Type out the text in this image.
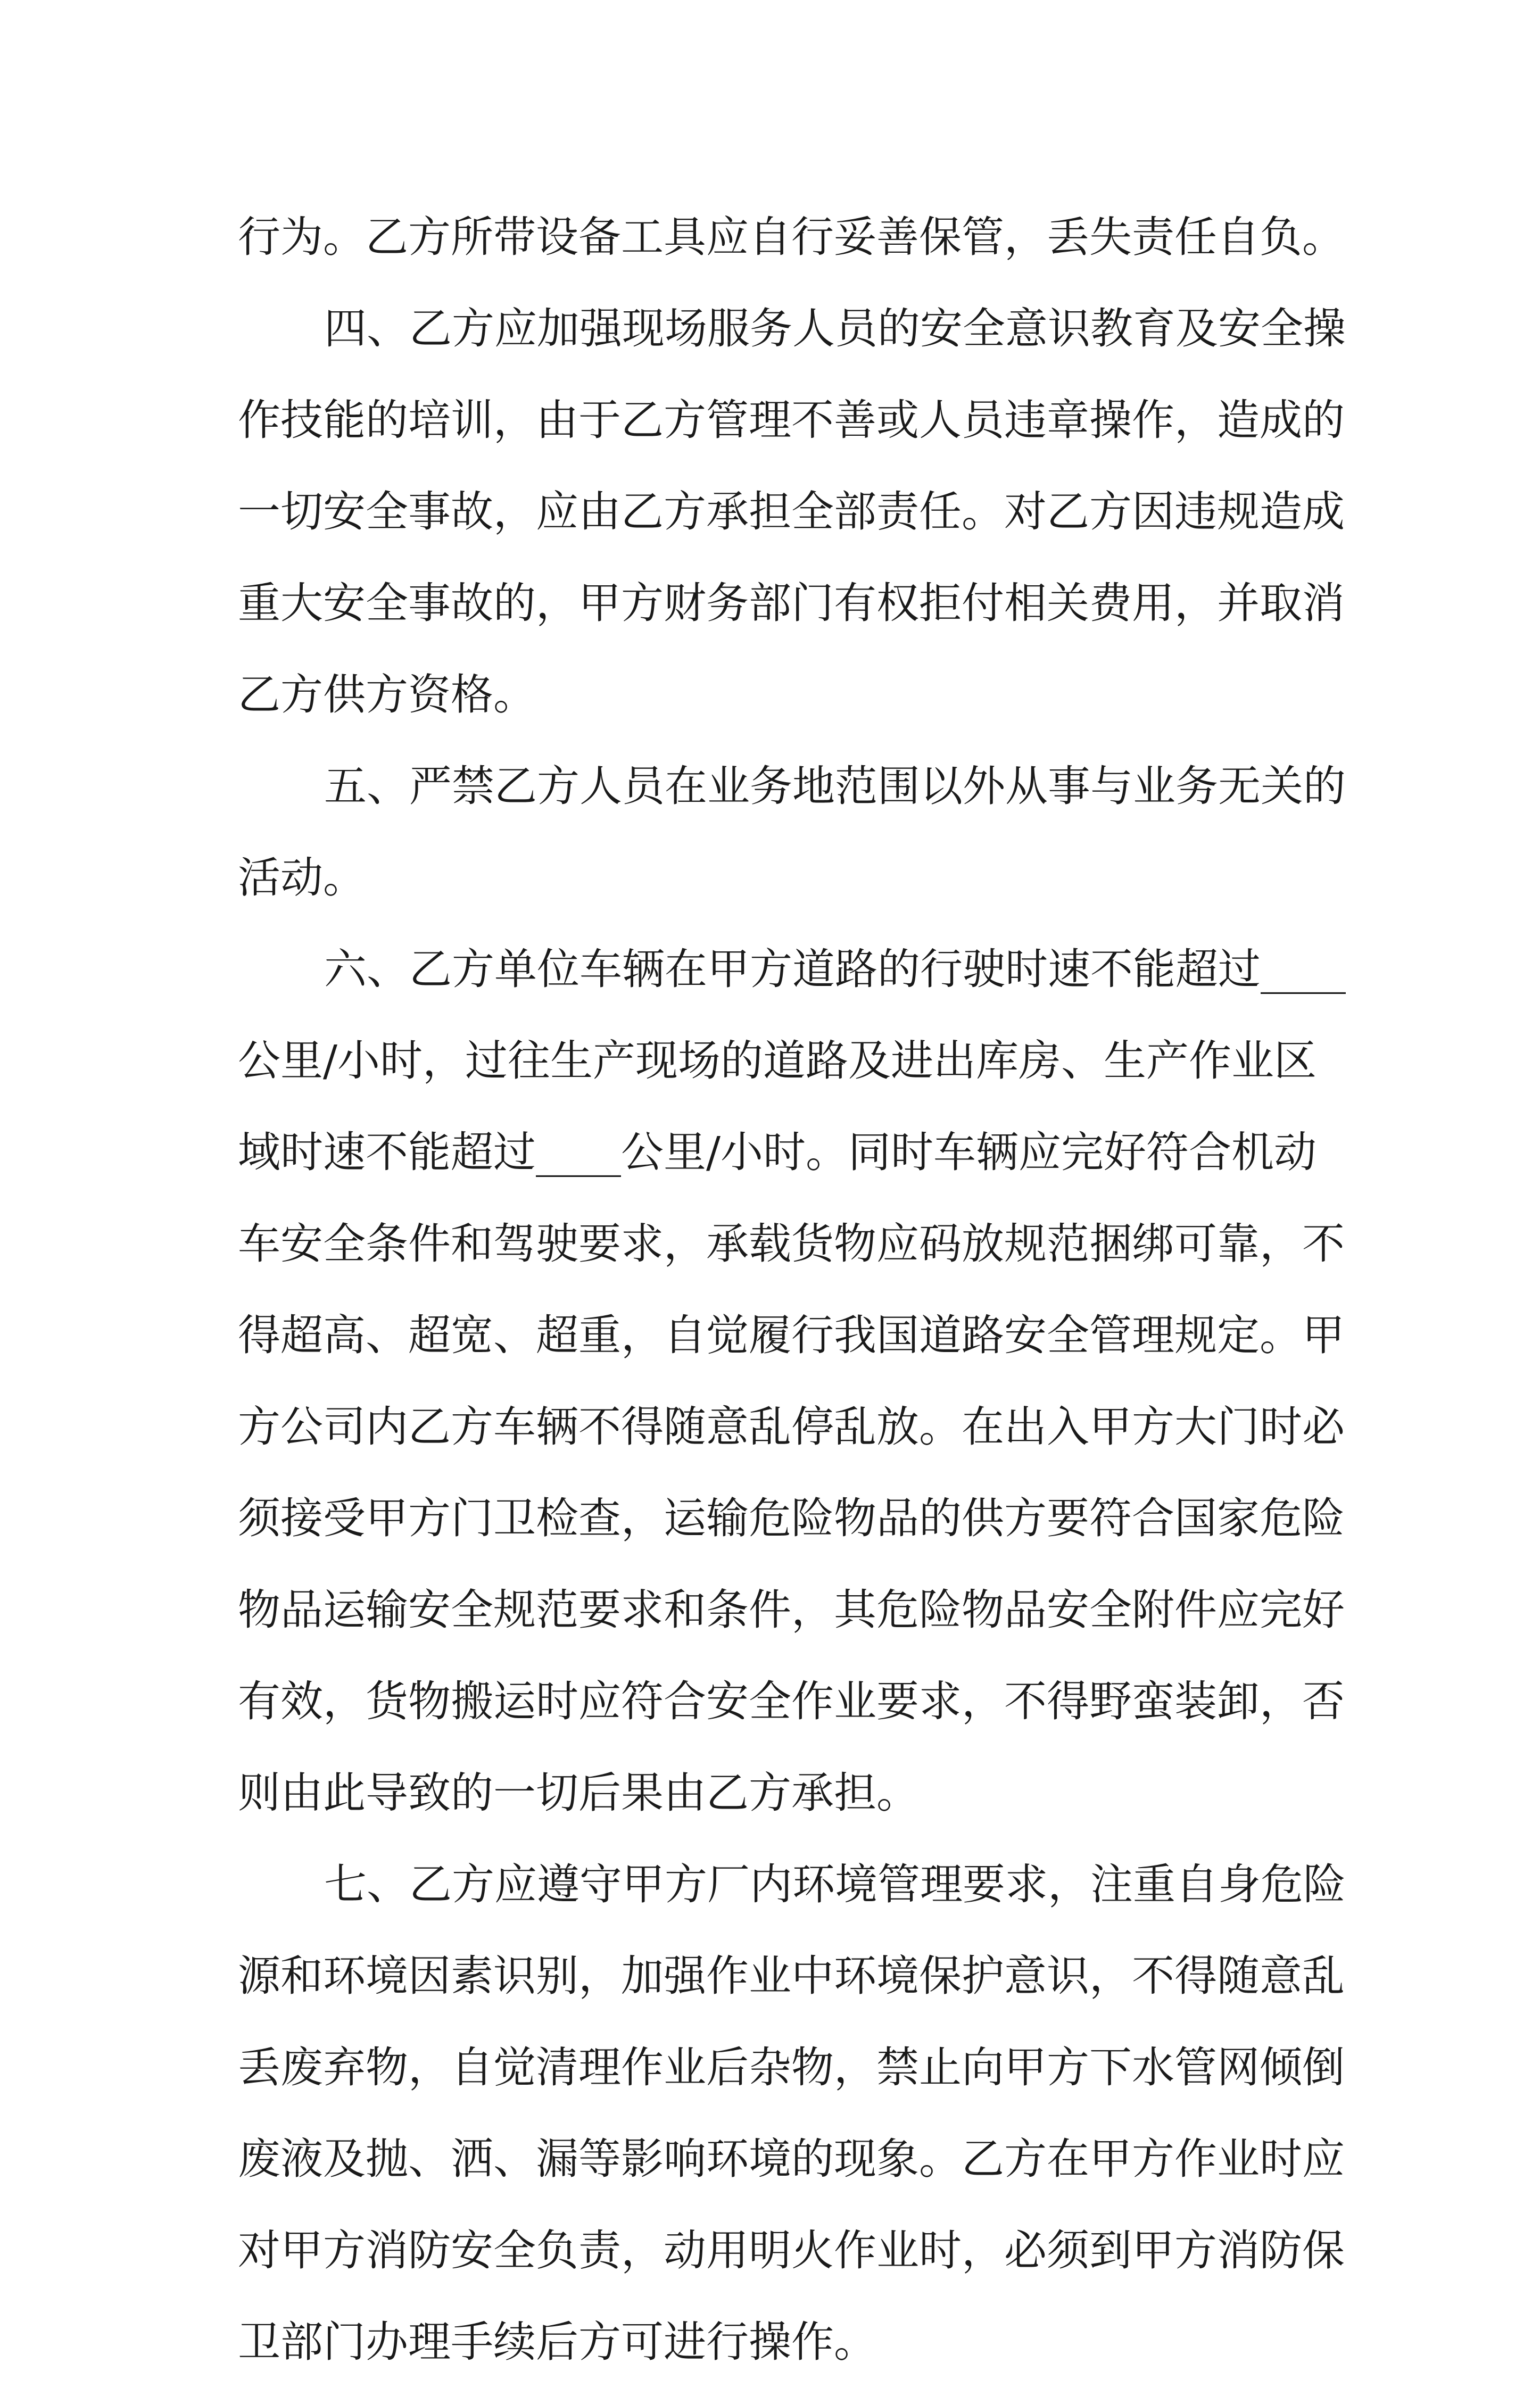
行为。乙方所带设备工具应自行妥善保管，丢失责任自负。
四、乙方应加强现场服务人员的安全意识教育及安全操
作技能的培训，由于乙方管理不善或人员违章操作，造成的
一切安全事故，应由乙方承担全部责任。对乙方因违规造成
重大安全事故的，甲方财务部门有权拒付相关费用，并取消
乙方供方资格。
五、严禁乙方人员在业务地范围以外从事与业务无关的
活动。
六、乙方单位车辆在甲方道路的行驶时速不能超过____
公里/小时，过往生产现场的道路及进出库房、生产作业区
域时速不能超过____公里/小时。同时车辆应完好符合机动
车安全条件和驾驶要求，承载货物应码放规范捆绑可靠，不
得超高、超宽、超重，自觉履行我国道路安全管理规定。甲
方公司内乙方车辆不得随意乱停乱放。在出入甲方大门时必
须接受甲方门卫检查，运输危险物品的供方要符合国家危险
物品运输安全规范要求和条件，其危险物品安全附件应完好
有效，货物搬运时应符合安全作业要求，不得野蛮装卸，否
则由此导致的一切后果由乙方承担。
七、乙方应遵守甲方厂内环境管理要求，注重自身危险
源和环境因素识别，加强作业中环境保护意识，不得随意乱
丢废弃物，自觉清理作业后杂物，禁止向甲方下水管网倾倒
废液及抛、洒、漏等影响环境的现象。乙方在甲方作业时应
对甲方消防安全负责，动用明火作业时，必须到甲方消防保
卫部门办理手续后方可进行操作。
